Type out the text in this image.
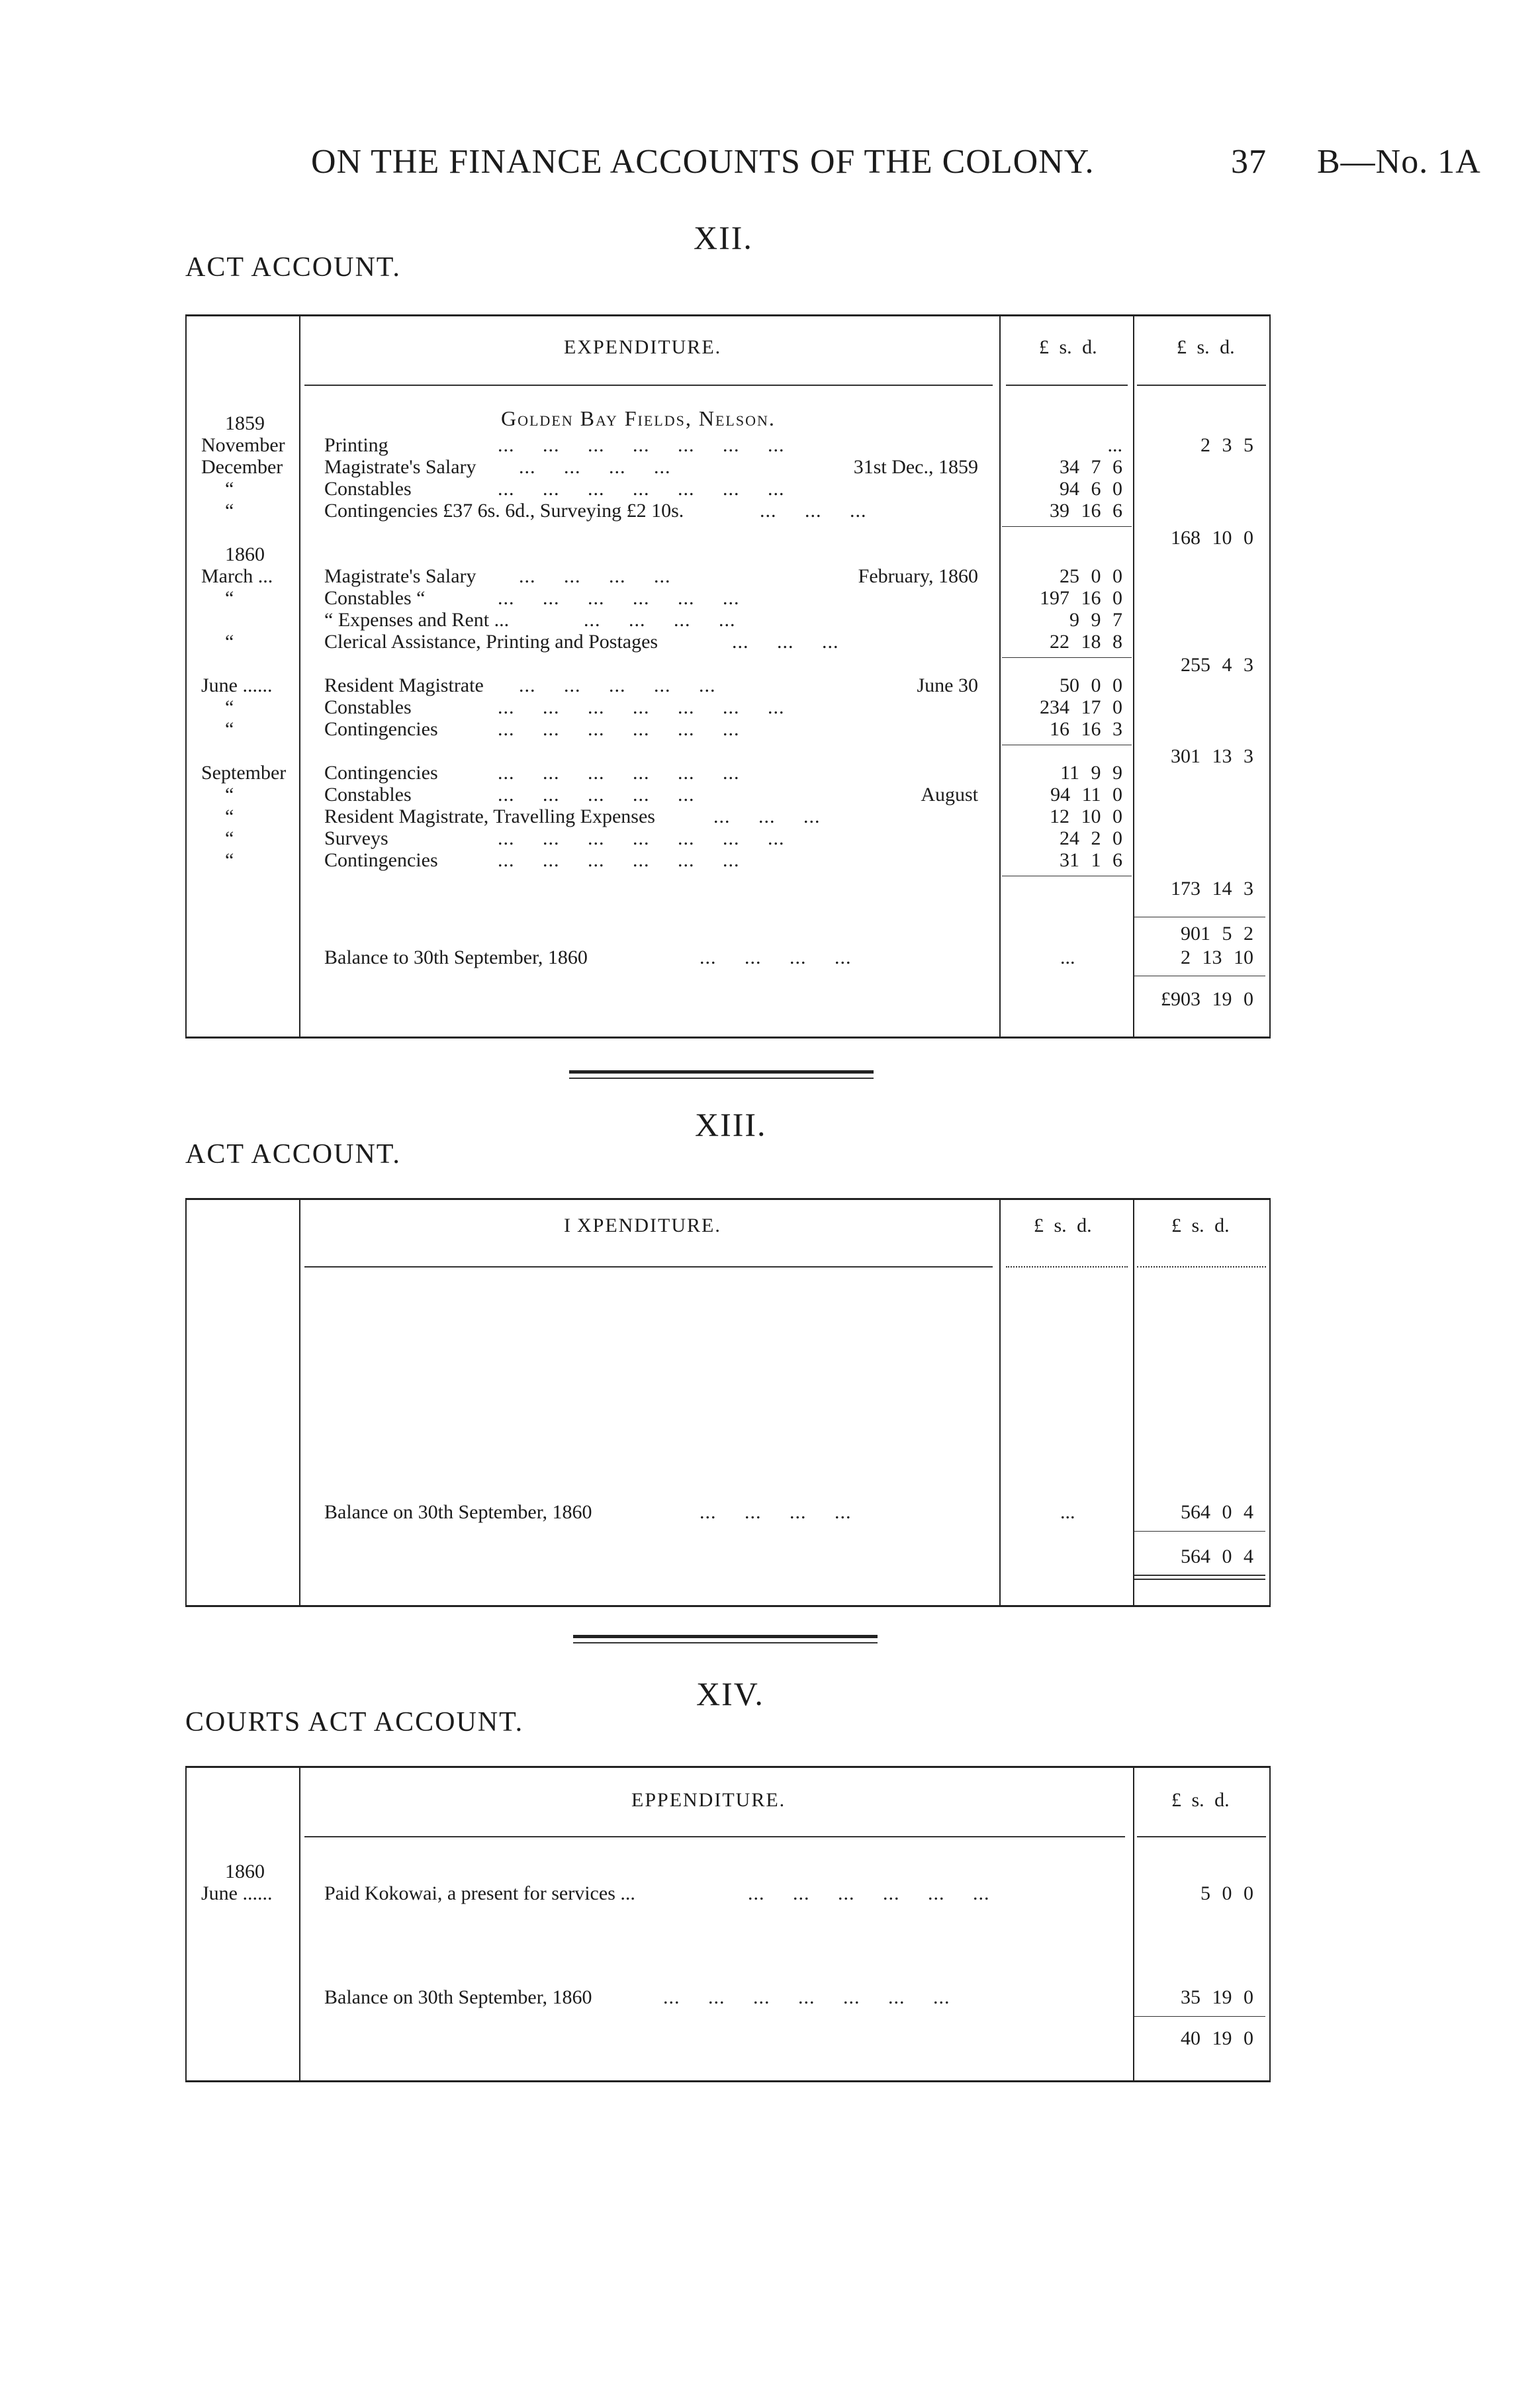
ON THE FINANCE ACCOUNTS OF THE COLONY.	37 B—No. 1A
XII.
ACT ACCOUNT.
EXPENDITURE.	£ s. d.	£ s. d.
Golden Bay Fields, Nelson.
1859
November Printing	...     ...     ...     ...     ...     ...     ...	...	2 3 5
December Magistrate's Salary ...     ...     ...     ...	31st Dec., 1859	34 7 6
“	Constables	...     ...     ...     ...     ...     ...     ...	94 6 0
“	Contingencies £37 6s. 6d., Surveying £2 10s.	...     ...     ...	39 16 6
168 10 0
1860
March ...	Magistrate's Salary ...     ...     ...     ...	February, 1860	25 0 0
“	Constables “	...     ...     ...     ...     ...     ...	197 16 0
“ Expenses and Rent ...	...     ...     ...     ...	9 9 7
“	Clerical Assistance, Printing and Postages	...     ...     ...	22 18 8
255 4 3
June ......	Resident Magistrate ...     ...     ...     ...     ...	June 30	50 0 0
“	Constables	...     ...     ...     ...     ...     ...     ...	234 17 0
“	Contingencies	...     ...     ...     ...     ...     ...	16 16 3
301 13 3
September Contingencies	...     ...     ...     ...     ...     ...	11 9 9
“	Constables	...     ...     ...     ...     ...	August	94 11 0
“	Resident Magistrate, Travelling Expenses	...     ...     ...	12 10 0
“	Surveys	...     ...     ...     ...     ...     ...     ...	24 2 0
“	Contingencies	...     ...     ...     ...     ...     ...	31 1 6
173 14 3
901 5 2
Balance to 30th September, 1860	...     ...     ...     ...	...	2 13 10
£903 19 0
XIII.
ACT ACCOUNT.
I XPENDITURE.	£ s. d.	£ s. d.
Balance on 30th September, 1860	...     ...     ...     ...	...	564 0 4
564 0 4
XIV.
COURTS ACT ACCOUNT.
EPPENDITURE.	£ s. d.
1860
June ......	Paid Kokowai, a present for services ...	...     ...     ...     ...     ...     ...	5 0 0
Balance on 30th September, 1860	...     ...     ...     ...     ...     ...     ...	35 19 0
40 19 0
